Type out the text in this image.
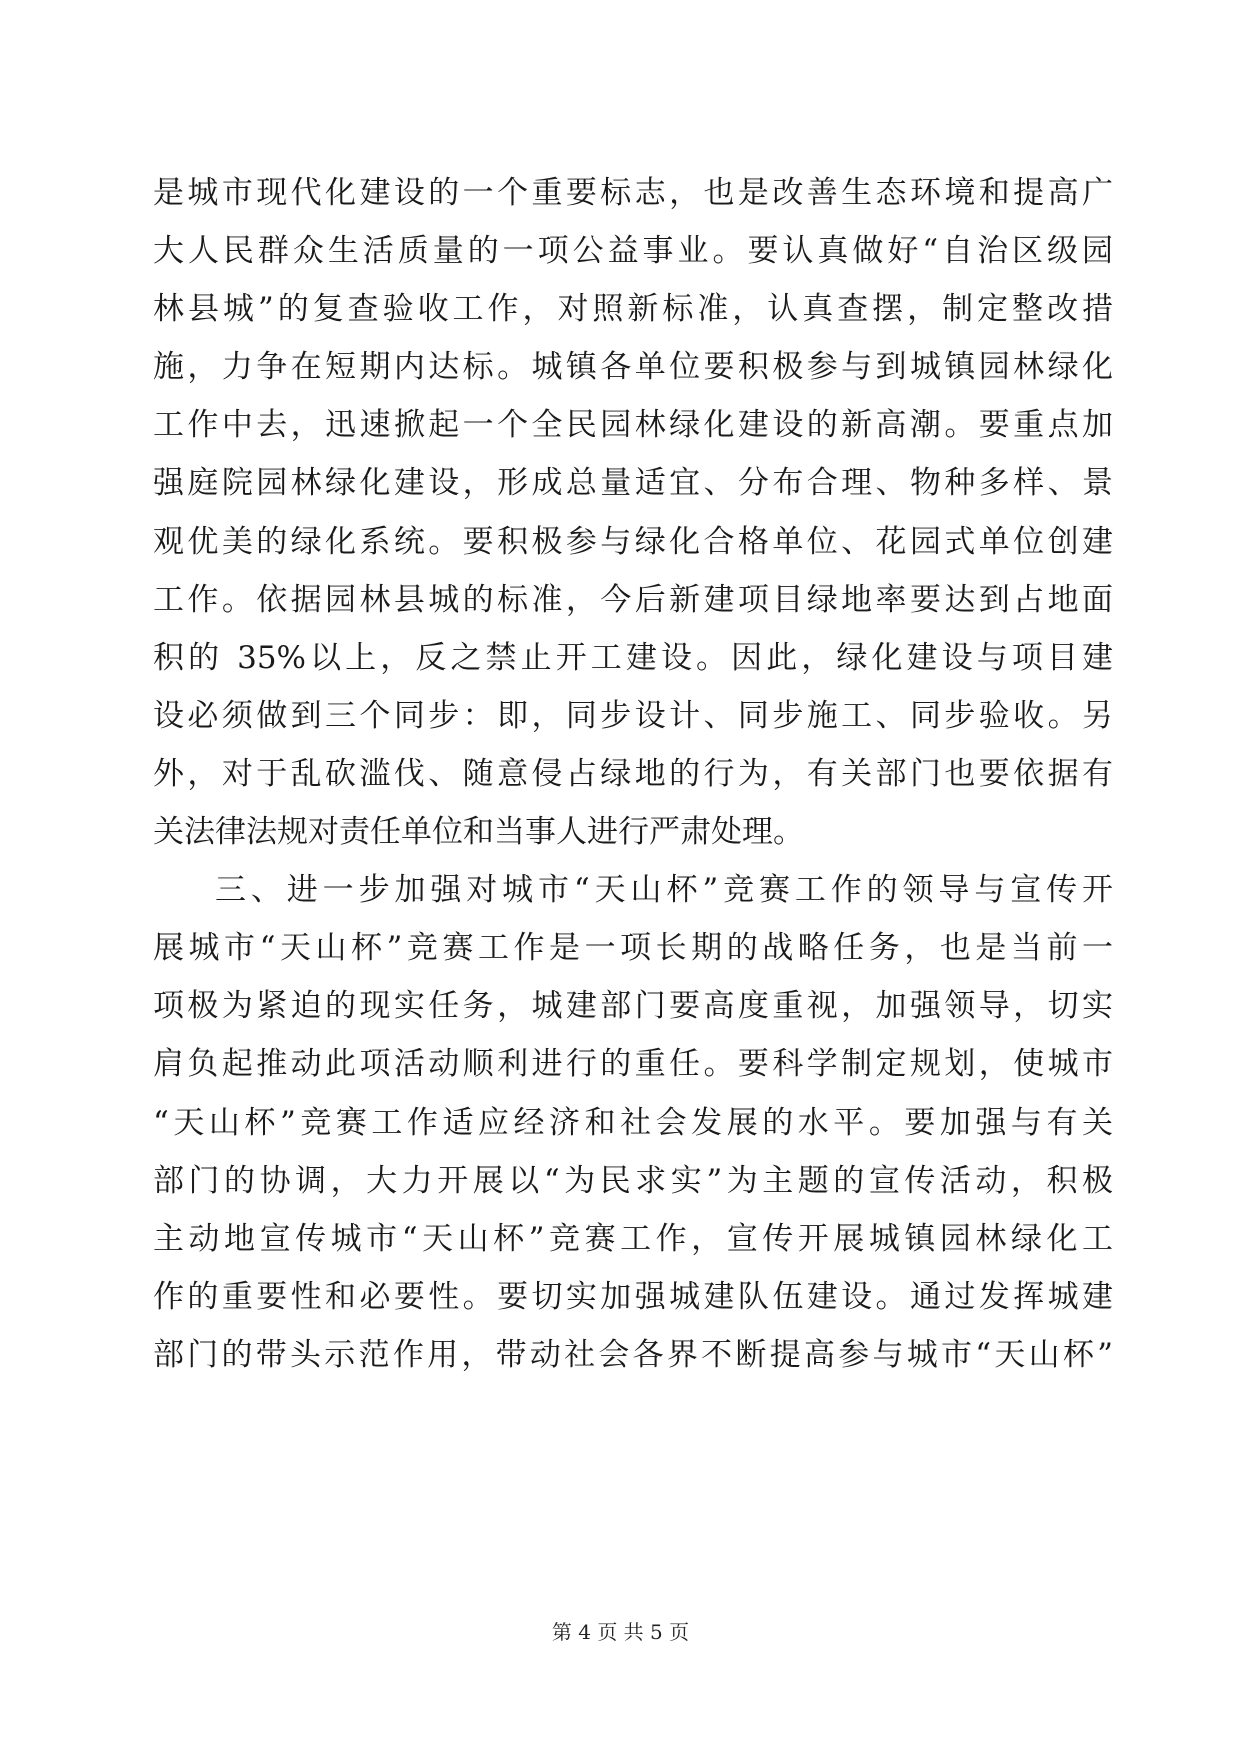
是城市现代化建设的一个重要标志，也是改善生态环境和提高广
大人民群众生活质量的一项公益事业。要认真做好“自治区级园
林县城”的复查验收工作，对照新标准，认真查摆，制定整改措
施，力争在短期内达标。城镇各单位要积极参与到城镇园林绿化
工作中去，迅速掀起一个全民园林绿化建设的新高潮。要重点加
强庭院园林绿化建设，形成总量适宜、分布合理、物种多样、景
观优美的绿化系统。要积极参与绿化合格单位、花园式单位创建
工作。依据园林县城的标准，今后新建项目绿地率要达到占地面
积的 35%以上，反之禁止开工建设。因此，绿化建设与项目建
设必须做到三个同步：即，同步设计、同步施工、同步验收。另
外，对于乱砍滥伐、随意侵占绿地的行为，有关部门也要依据有
关法律法规对责任单位和当事人进行严肃处理。
三、进一步加强对城市“天山杯”竞赛工作的领导与宣传开
展城市“天山杯”竞赛工作是一项长期的战略任务，也是当前一
项极为紧迫的现实任务，城建部门要高度重视，加强领导，切实
肩负起推动此项活动顺利进行的重任。要科学制定规划，使城市
“天山杯”竞赛工作适应经济和社会发展的水平。要加强与有关
部门的协调，大力开展以“为民求实”为主题的宣传活动，积极
主动地宣传城市“天山杯”竞赛工作，宣传开展城镇园林绿化工
作的重要性和必要性。要切实加强城建队伍建设。通过发挥城建
部门的带头示范作用，带动社会各界不断提高参与城市“天山杯”
第 4 页 共 5 页
